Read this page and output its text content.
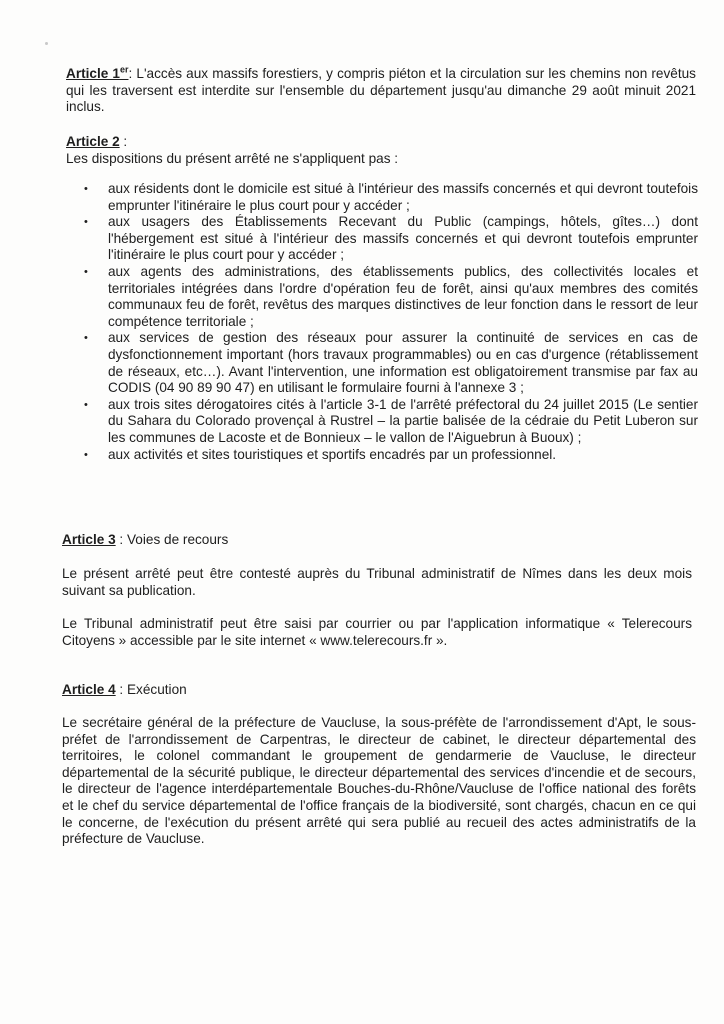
Article 1er: L'accès aux massifs forestiers, y compris piéton et la circulation sur les chemins non revêtus qui les traversent est interdite sur l'ensemble du département jusqu'au dimanche 29 août minuit 2021 inclus.
Article 2 :
Les dispositions du présent arrêté ne s'appliquent pas :
• aux résidents dont le domicile est situé à l'intérieur des massifs concernés et qui devront toutefois emprunter l'itinéraire le plus court pour y accéder ;
• aux usagers des Établissements Recevant du Public (campings, hôtels, gîtes…) dont l'hébergement est situé à l'intérieur des massifs concernés et qui devront toutefois emprunter l'itinéraire le plus court pour y accéder ;
• aux agents des administrations, des établissements publics, des collectivités locales et territoriales intégrées dans l'ordre d'opération feu de forêt, ainsi qu'aux membres des comités communaux feu de forêt, revêtus des marques distinctives de leur fonction dans le ressort de leur compétence territoriale ;
• aux services de gestion des réseaux pour assurer la continuité de services en cas de dysfonctionnement important (hors travaux programmables) ou en cas d'urgence (rétablissement de réseaux, etc…). Avant l'intervention, une information est obligatoirement transmise par fax au CODIS (04 90 89 90 47) en utilisant le formulaire fourni à l'annexe 3 ;
• aux trois sites dérogatoires cités à l'article 3-1 de l'arrêté préfectoral du 24 juillet 2015 (Le sentier du Sahara du Colorado provençal à Rustrel – la partie balisée de la cédraie du Petit Luberon sur les communes de Lacoste et de Bonnieux – le vallon de l'Aiguebrun à Buoux) ;
• aux activités et sites touristiques et sportifs encadrés par un professionnel.
Article 3 : Voies de recours
Le présent arrêté peut être contesté auprès du Tribunal administratif de Nîmes dans les deux mois suivant sa publication.
Le Tribunal administratif peut être saisi par courrier ou par l'application informatique « Telerecours Citoyens » accessible par le site internet « www.telerecours.fr ».
Article 4 : Exécution
Le secrétaire général de la préfecture de Vaucluse, la sous-préfète de l'arrondissement d'Apt, le sous-préfet de l'arrondissement de Carpentras, le directeur de cabinet, le directeur départemental des territoires, le colonel commandant le groupement de gendarmerie de Vaucluse, le directeur départemental de la sécurité publique, le directeur départemental des services d'incendie et de secours, le directeur de l'agence interdépartementale Bouches-du-Rhône/Vaucluse de l'office national des forêts et le chef du service départemental de l'office français de la biodiversité, sont chargés, chacun en ce qui le concerne, de l'exécution du présent arrêté qui sera publié au recueil des actes administratifs de la préfecture de Vaucluse.
